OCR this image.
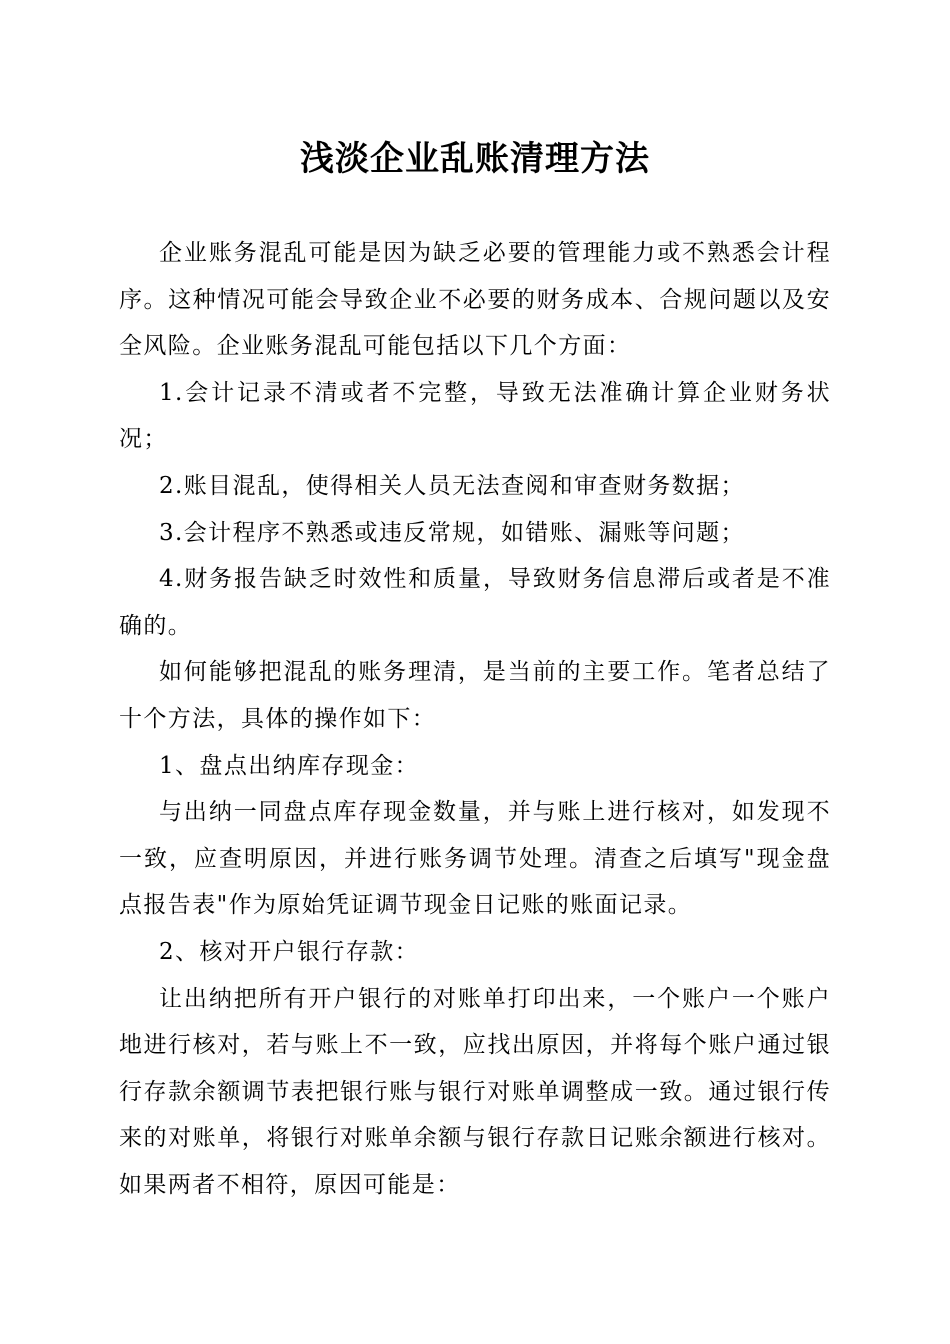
浅淡企业乱账清理方法

企业账务混乱可能是因为缺乏必要的管理能力或不熟悉会计程序。这种情况可能会导致企业不必要的财务成本、合规问题以及安全风险。企业账务混乱可能包括以下几个方面：

1.会计记录不清或者不完整，导致无法准确计算企业财务状况；

2.账目混乱，使得相关人员无法查阅和审查财务数据；

3.会计程序不熟悉或违反常规，如错账、漏账等问题；

4.财务报告缺乏时效性和质量，导致财务信息滞后或者是不准确的。

如何能够把混乱的账务理清，是当前的主要工作。笔者总结了十个方法，具体的操作如下：

1、盘点出纳库存现金：

与出纳一同盘点库存现金数量，并与账上进行核对，如发现不一致，应查明原因，并进行账务调节处理。清查之后填写"现金盘点报告表"作为原始凭证调节现金日记账的账面记录。

2、核对开户银行存款：

让出纳把所有开户银行的对账单打印出来，一个账户一个账户地进行核对，若与账上不一致，应找出原因，并将每个账户通过银行存款余额调节表把银行账与银行对账单调整成一致。通过银行传来的对账单，将银行对账单余额与银行存款日记账余额进行核对。如果两者不相符，原因可能是：
